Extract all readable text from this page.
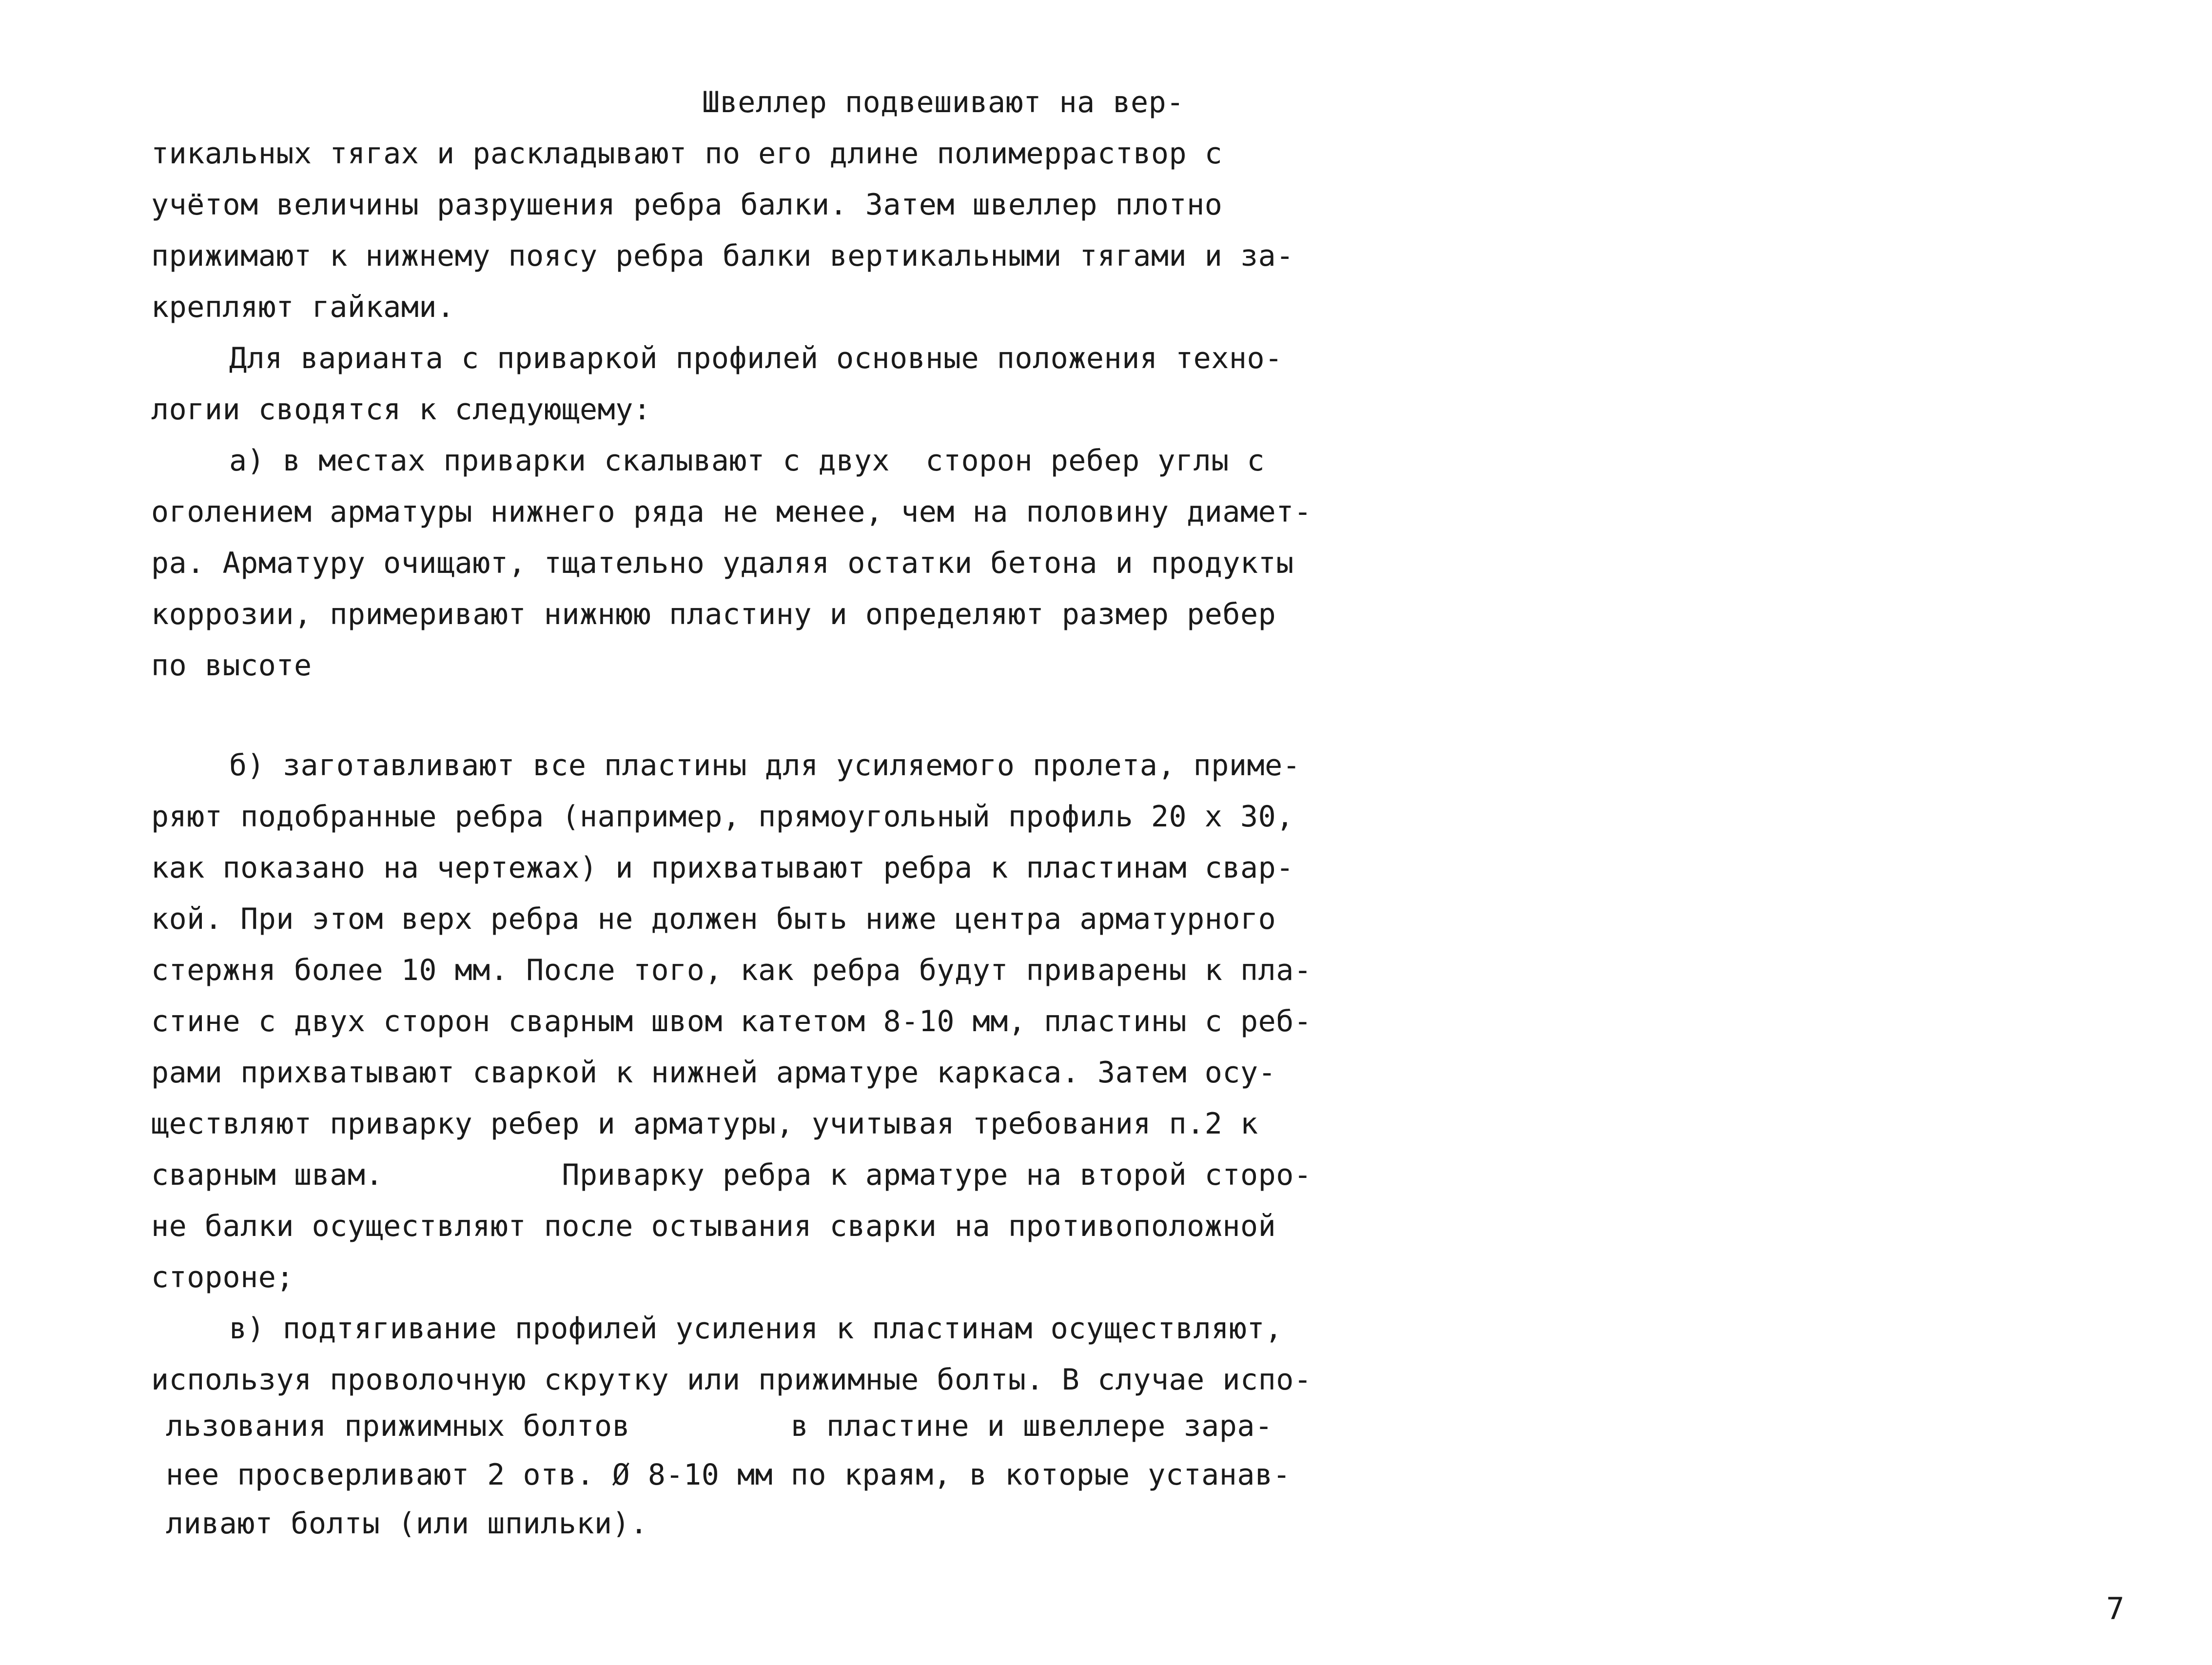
Швеллер подвешивают на вер-
тикальных тягах и раскладывают по его длине полимерраствор с
учётом величины разрушения ребра балки. Затем швеллер плотно
прижимают к нижнему поясу ребра балки вертикальными тягами и за-
крепляют гайками.
Для варианта с приваркой профилей основные положения техно-
логии сводятся к следующему:
а) в местах приварки скалывают с двух  сторон ребер углы с
оголением арматуры нижнего ряда не менее, чем на половину диамет-
ра. Арматуру очищают, тщательно удаляя остатки бетона и продукты
коррозии, примеривают нижнюю пластину и определяют размер ребер
по высоте
б) заготавливают все пластины для усиляемого пролета, приме-
ряют подобранные ребра (например, прямоугольный профиль 20 х 30,
как показано на чертежах) и прихватывают ребра к пластинам свар-
кой. При этом верх ребра не должен быть ниже центра арматурного
стержня более 10 мм. После того, как ребра будут приварены к пла-
стине с двух сторон сварным швом катетом 8-10 мм, пластины с реб-
рами прихватывают сваркой к нижней арматуре каркаса. Затем осу-
ществляют приварку ребер и арматуры, учитывая требования п.2 к
сварным швам.          Приварку ребра к арматуре на второй сторо-
не балки осуществляют после остывания сварки на противоположной
стороне;
в) подтягивание профилей усиления к пластинам осуществляют,
используя проволочную скрутку или прижимные болты. В случае испо-
льзования прижимных болтов         в пластине и швеллере зара-
нее просверливают 2 отв. Ø 8-10 мм по краям, в которые устанав-
ливают болты (или шпильки).
7
